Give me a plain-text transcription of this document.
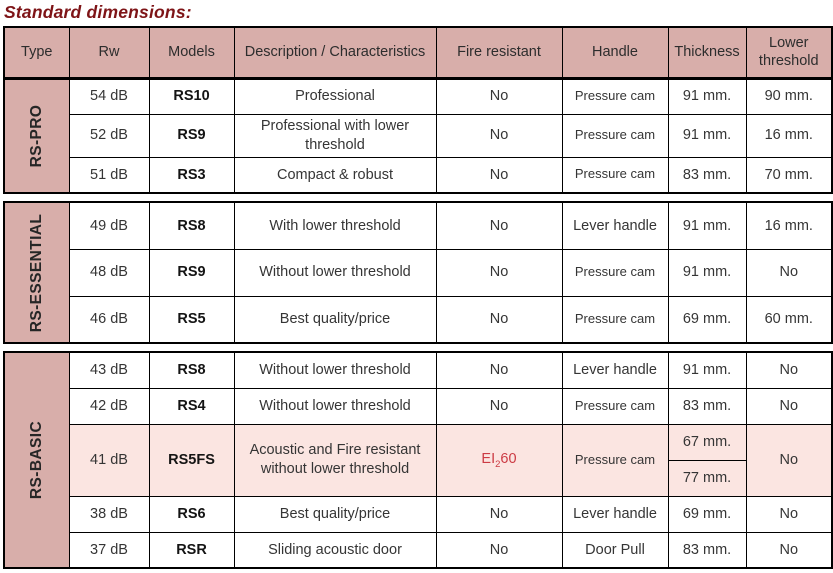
Standard dimensions:
Type	Rw	Models	Description / Characteristics	Fire resistant	Handle	Thickness	Lower threshold
RS-PRO	54 dB	RS10	Professional	No	Pressure cam	91 mm.	90 mm.
	52 dB	RS9	Professional with lower threshold	No	Pressure cam	91 mm.	16 mm.
	51 dB	RS3	Compact & robust	No	Pressure cam	83 mm.	70 mm.
RS-ESSENTIAL	49 dB	RS8	With lower threshold	No	Lever handle	91 mm.	16 mm.
	48 dB	RS9	Without lower threshold	No	Pressure cam	91 mm.	No
	46 dB	RS5	Best quality/price	No	Pressure cam	69 mm.	60 mm.
RS-BASIC	43 dB	RS8	Without lower threshold	No	Lever handle	91 mm.	No
	42 dB	RS4	Without lower threshold	No	Pressure cam	83 mm.	No
	41 dB	RS5FS	Acoustic and Fire resistant without lower threshold	$EI_260$	Pressure cam	67 mm.	No
						77 mm.	
	38 dB	RS6	Best quality/price	No	Lever handle	69 mm.	No
	37 dB	RSR	Sliding acoustic door	No	Door Pull	83 mm.	No
